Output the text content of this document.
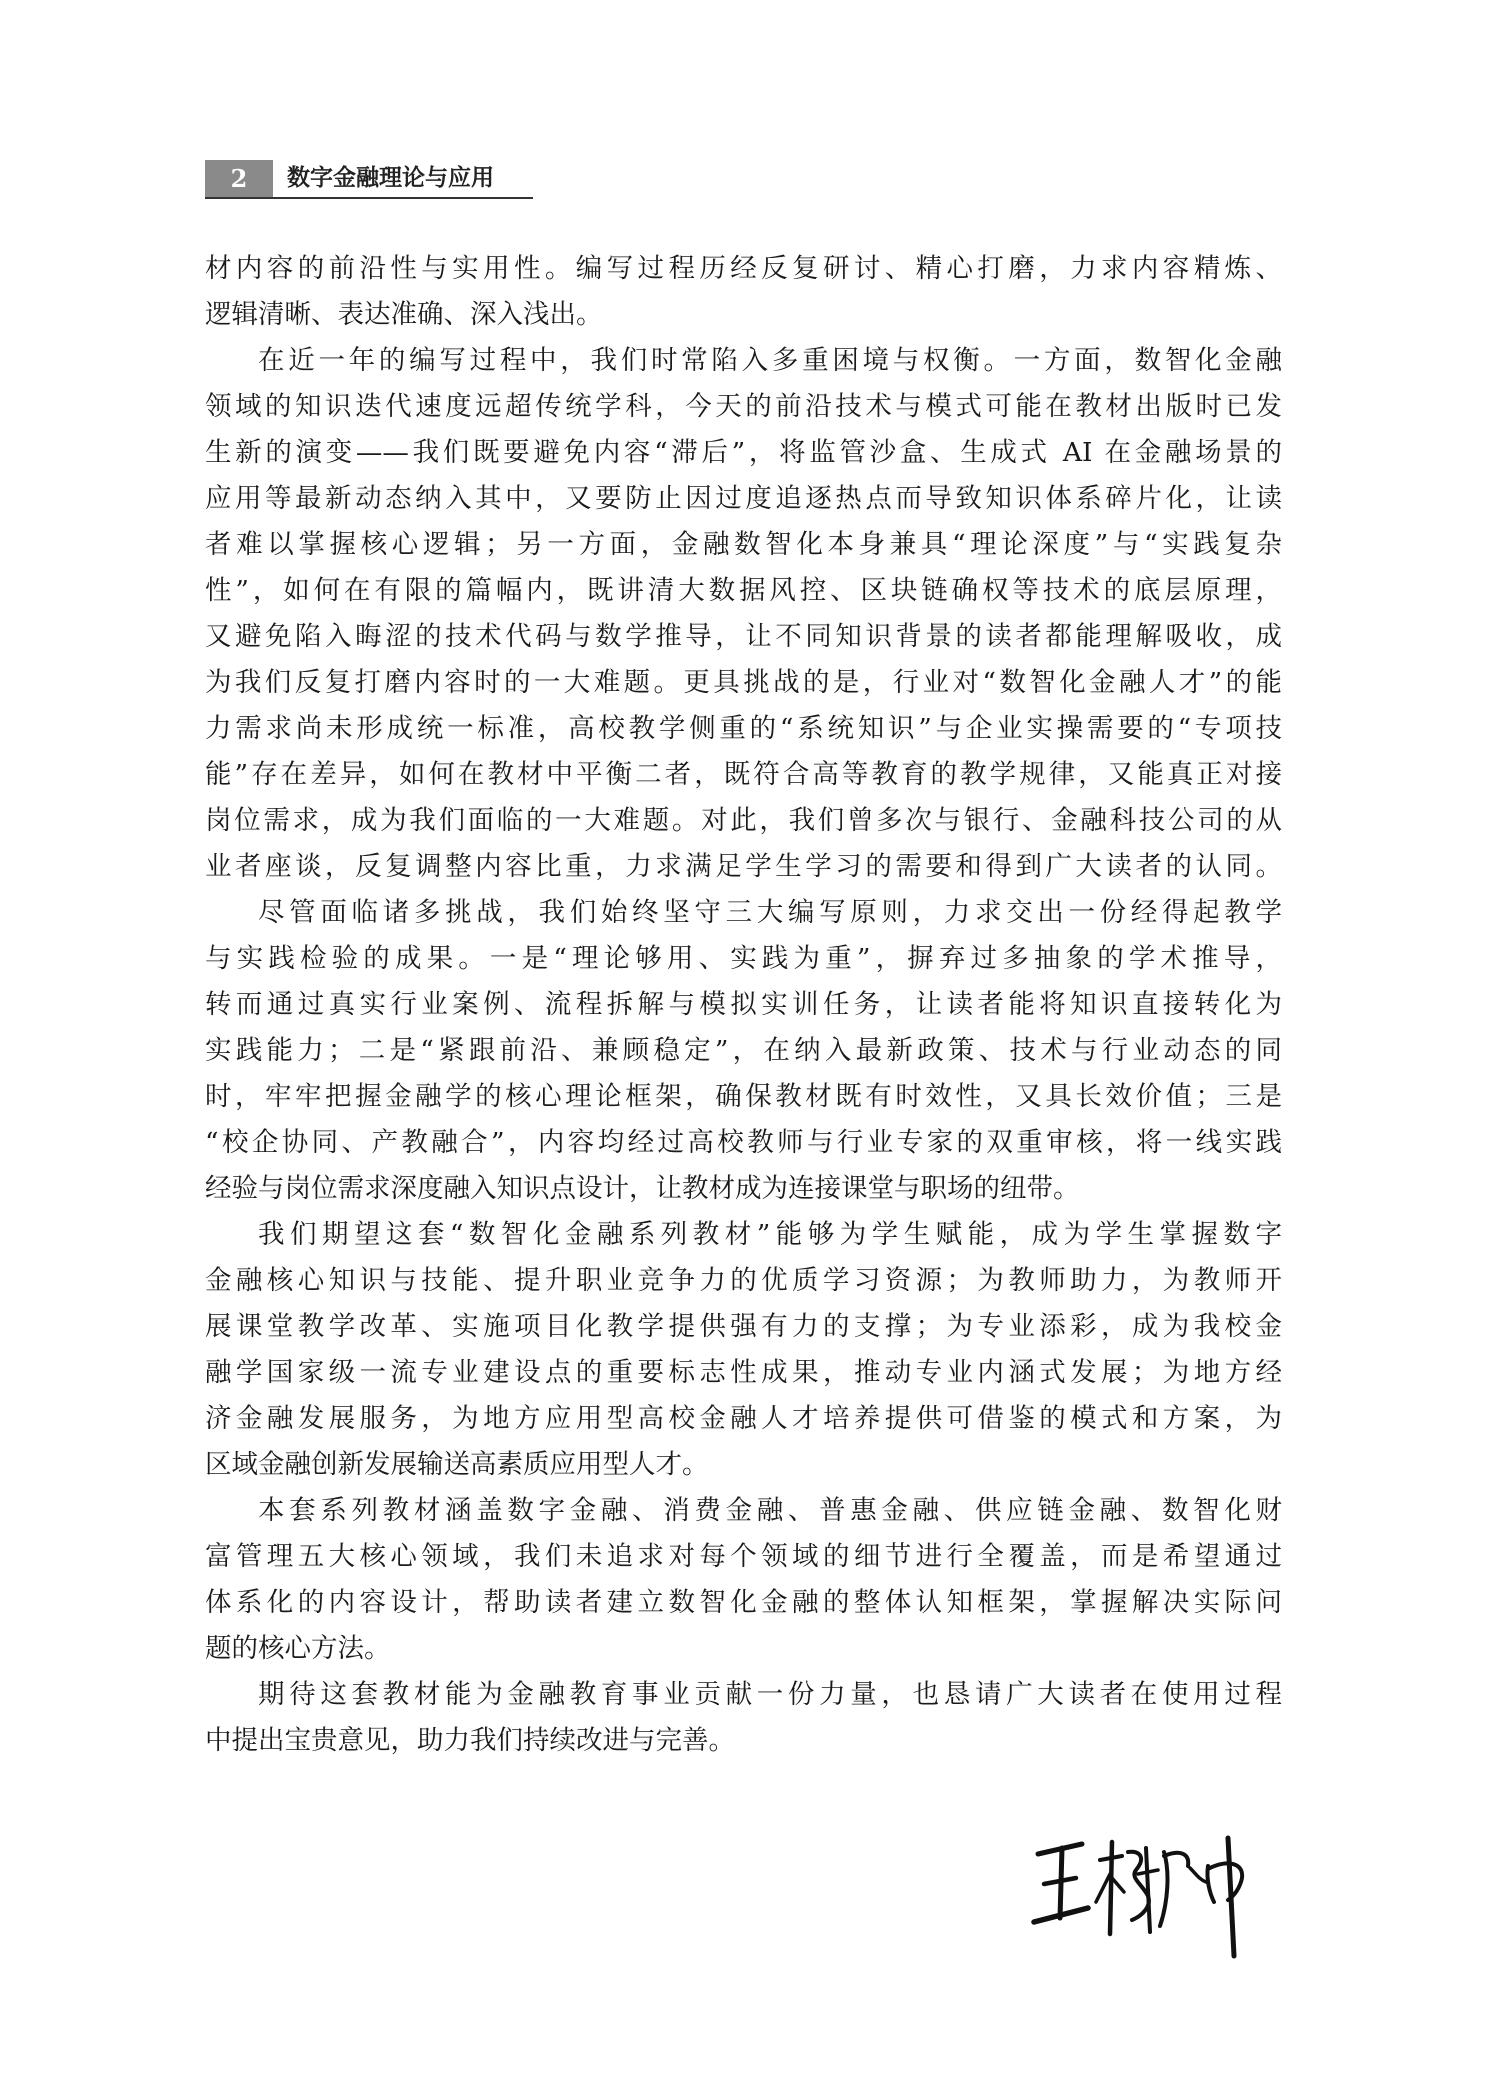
2	数字金融理论与应用
材内容的前沿性与实用性。编写过程历经反复研讨、精心打磨，力求内容精炼、
逻辑清晰、表达准确、深入浅出。
在近一年的编写过程中，我们时常陷入多重困境与权衡。一方面，数智化金融
领域的知识迭代速度远超传统学科，今天的前沿技术与模式可能在教材出版时已发
生新的演变——我们既要避免内容“滞后”，将监管沙盒、生成式 AI 在金融场景的
应用等最新动态纳入其中，又要防止因过度追逐热点而导致知识体系碎片化，让读
者难以掌握核心逻辑；另一方面，金融数智化本身兼具“理论深度”与“实践复杂
性”，如何在有限的篇幅内，既讲清大数据风控、区块链确权等技术的底层原理，
又避免陷入晦涩的技术代码与数学推导，让不同知识背景的读者都能理解吸收，成
为我们反复打磨内容时的一大难题。更具挑战的是，行业对“数智化金融人才”的能
力需求尚未形成统一标准，高校教学侧重的“系统知识”与企业实操需要的“专项技
能”存在差异，如何在教材中平衡二者，既符合高等教育的教学规律，又能真正对接
岗位需求，成为我们面临的一大难题。对此，我们曾多次与银行、金融科技公司的从
业者座谈，反复调整内容比重，力求满足学生学习的需要和得到广大读者的认同。
尽管面临诸多挑战，我们始终坚守三大编写原则，力求交出一份经得起教学
与实践检验的成果。一是“理论够用、实践为重”，摒弃过多抽象的学术推导，
转而通过真实行业案例、流程拆解与模拟实训任务，让读者能将知识直接转化为
实践能力；二是“紧跟前沿、兼顾稳定”，在纳入最新政策、技术与行业动态的同
时，牢牢把握金融学的核心理论框架，确保教材既有时效性，又具长效价值；三是
“校企协同、产教融合”，内容均经过高校教师与行业专家的双重审核，将一线实践
经验与岗位需求深度融入知识点设计，让教材成为连接课堂与职场的纽带。
我们期望这套“数智化金融系列教材”能够为学生赋能，成为学生掌握数字
金融核心知识与技能、提升职业竞争力的优质学习资源；为教师助力，为教师开
展课堂教学改革、实施项目化教学提供强有力的支撑；为专业添彩，成为我校金
融学国家级一流专业建设点的重要标志性成果，推动专业内涵式发展；为地方经
济金融发展服务，为地方应用型高校金融人才培养提供可借鉴的模式和方案，为
区域金融创新发展输送高素质应用型人才。
本套系列教材涵盖数字金融、消费金融、普惠金融、供应链金融、数智化财
富管理五大核心领域，我们未追求对每个领域的细节进行全覆盖，而是希望通过
体系化的内容设计，帮助读者建立数智化金融的整体认知框架，掌握解决实际问
题的核心方法。
期待这套教材能为金融教育事业贡献一份力量，也恳请广大读者在使用过程
中提出宝贵意见，助力我们持续改进与完善。
